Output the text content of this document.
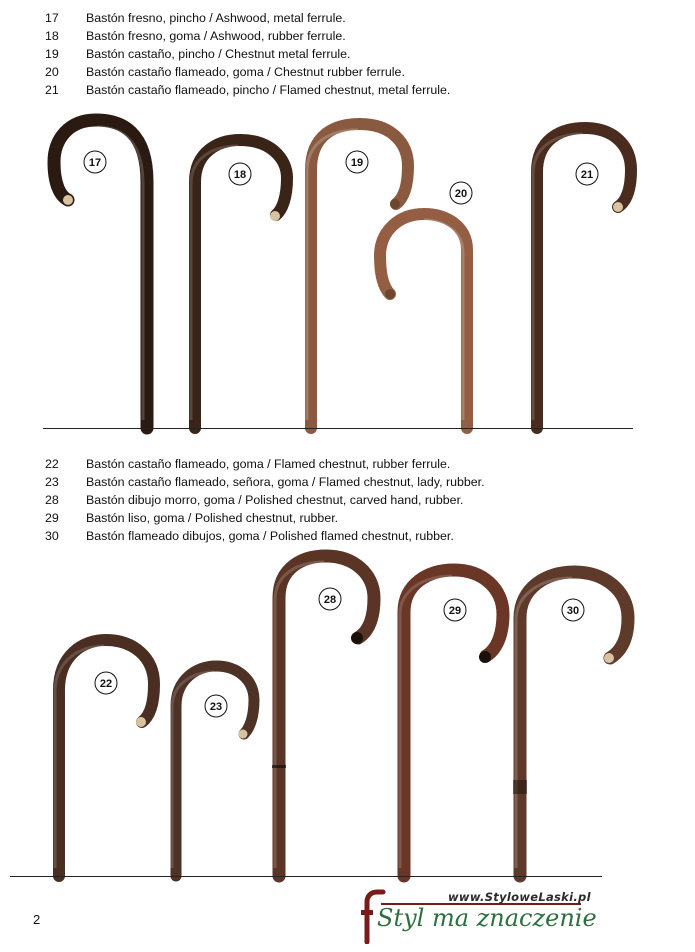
17 Bastón fresno, pincho / Ashwood, metal ferrule.
18 Bastón fresno, goma / Ashwood, rubber ferrule.
19 Bastón castaño, pincho / Chestnut metal ferrule.
20 Bastón castaño flameado, goma / Chestnut rubber ferrule.
21 Bastón castaño flameado, pincho / Flamed chestnut, metal ferrule.
22 Bastón castaño flameado, goma / Flamed chestnut, rubber ferrule.
23 Bastón castaño flameado, señora, goma / Flamed chestnut, lady, rubber.
28 Bastón dibujo morro, goma / Polished chestnut, carved hand, rubber.
29 Bastón liso, goma / Polished chestnut, rubber.
30 Bastón flameado dibujos, goma / Polished flamed chestnut, rubber.
17
18
19
20
21
22
23
28
29	30
2
www.StyloweLaski.pl
Styl ma znaczenie
